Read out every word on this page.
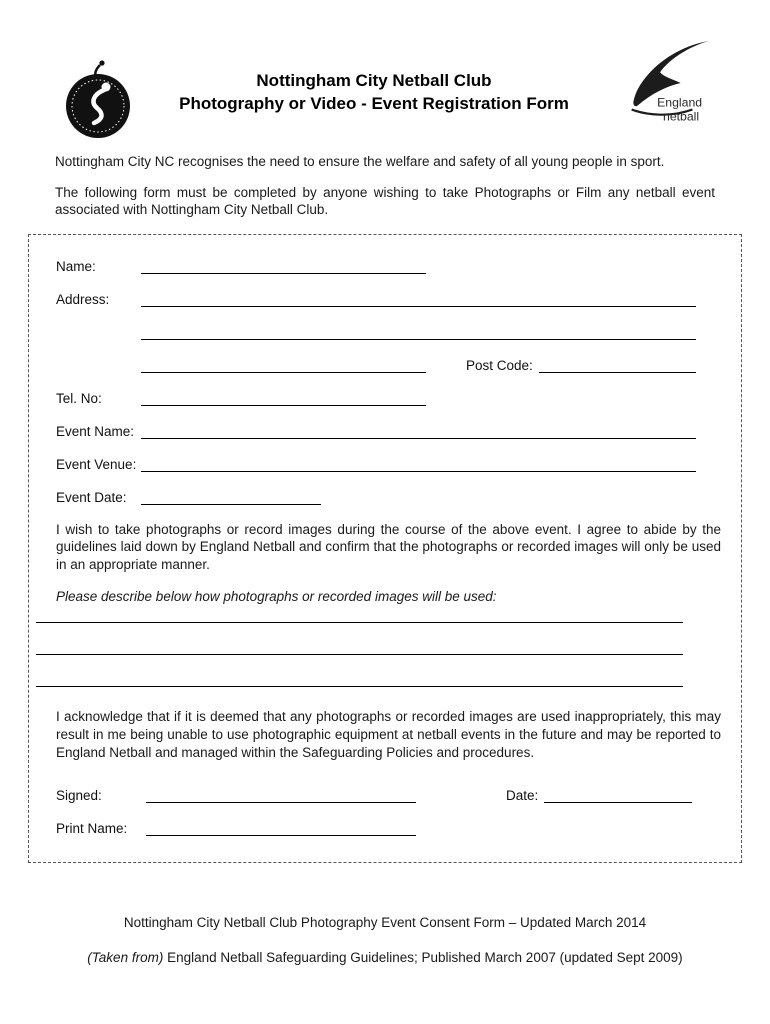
Nottingham City Netball Club
Photography or Video - Event Registration Form	England
netball

Nottingham City NC recognises the need to ensure the welfare and safety of all young people in sport.

The following form must be completed by anyone wishing to take Photographs or Film any netball event associated with Nottingham City Netball Club.

Name:
Address:
Post Code:
Tel. No:
Event Name:
Event Venue:
Event Date:

I wish to take photographs or record images during the course of the above event. I agree to abide by the guidelines laid down by England Netball and confirm that the photographs or recorded images will only be used in an appropriate manner.

Please describe below how photographs or recorded images will be used:

I acknowledge that if it is deemed that any photographs or recorded images are used inappropriately, this may result in me being unable to use photographic equipment at netball events in the future and may be reported to England Netball and managed within the Safeguarding Policies and procedures.

Signed:	Date:
Print Name:

Nottingham City Netball Club Photography Event Consent Form – Updated March 2014

(Taken from) England Netball Safeguarding Guidelines; Published March 2007 (updated Sept 2009)
